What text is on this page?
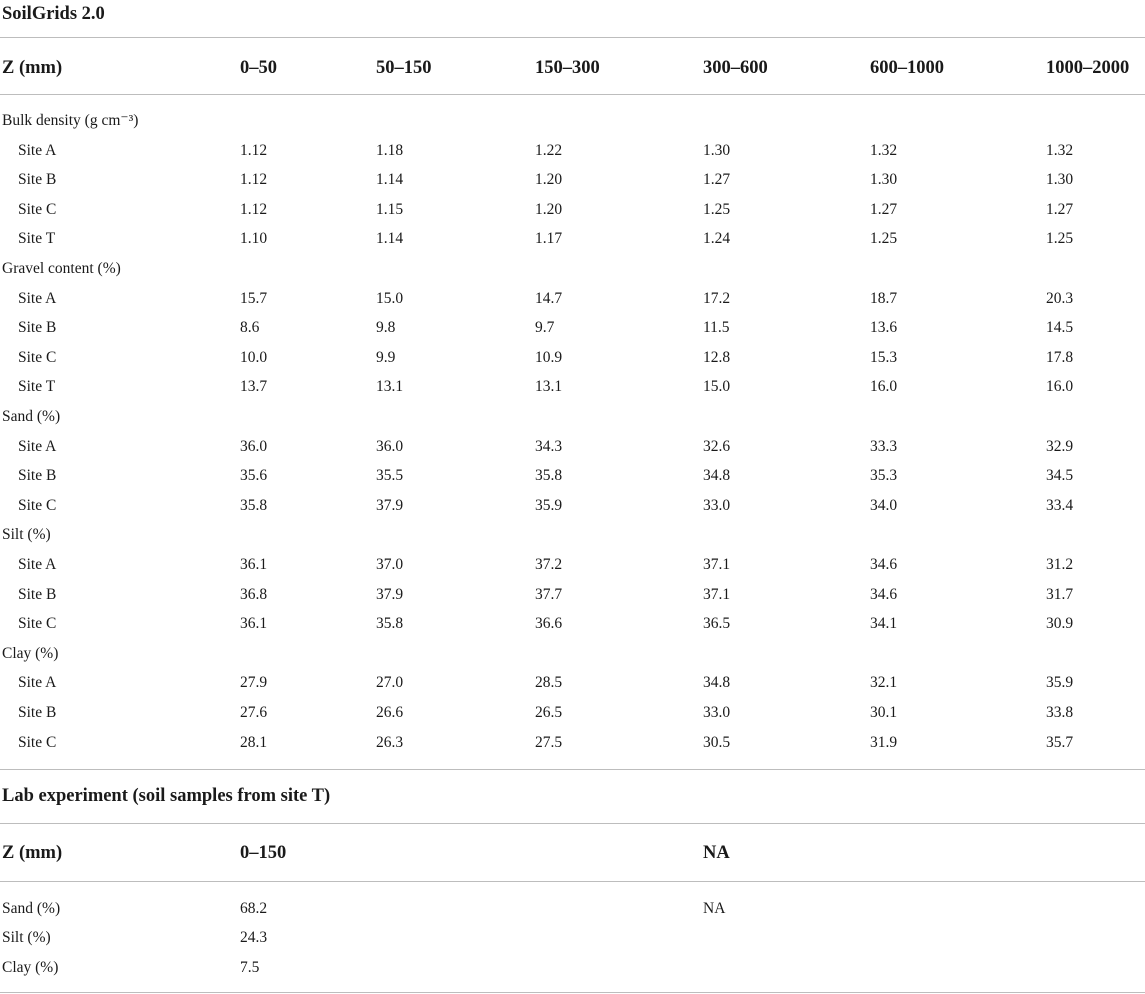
SoilGrids 2.0
Z (mm)	0–50	50–150	150–300	300–600	600–1000	1000–2000
Bulk density (g cm⁻³)
Site A	1.12	1.18	1.22	1.30	1.32	1.32
Site B	1.12	1.14	1.20	1.27	1.30	1.30
Site C	1.12	1.15	1.20	1.25	1.27	1.27
Site T	1.10	1.14	1.17	1.24	1.25	1.25
Gravel content (%)
Site A	15.7	15.0	14.7	17.2	18.7	20.3
Site B	8.6	9.8	9.7	11.5	13.6	14.5
Site C	10.0	9.9	10.9	12.8	15.3	17.8
Site T	13.7	13.1	13.1	15.0	16.0	16.0
Sand (%)
Site A	36.0	36.0	34.3	32.6	33.3	32.9
Site B	35.6	35.5	35.8	34.8	35.3	34.5
Site C	35.8	37.9	35.9	33.0	34.0	33.4
Silt (%)
Site A	36.1	37.0	37.2	37.1	34.6	31.2
Site B	36.8	37.9	37.7	37.1	34.6	31.7
Site C	36.1	35.8	36.6	36.5	34.1	30.9
Clay (%)
Site A	27.9	27.0	28.5	34.8	32.1	35.9
Site B	27.6	26.6	26.5	33.0	30.1	33.8
Site C	28.1	26.3	27.5	30.5	31.9	35.7
Lab experiment (soil samples from site T)
Z (mm)	0–150	NA
Sand (%)	68.2	NA
Silt (%)	24.3
Clay (%)	7.5
